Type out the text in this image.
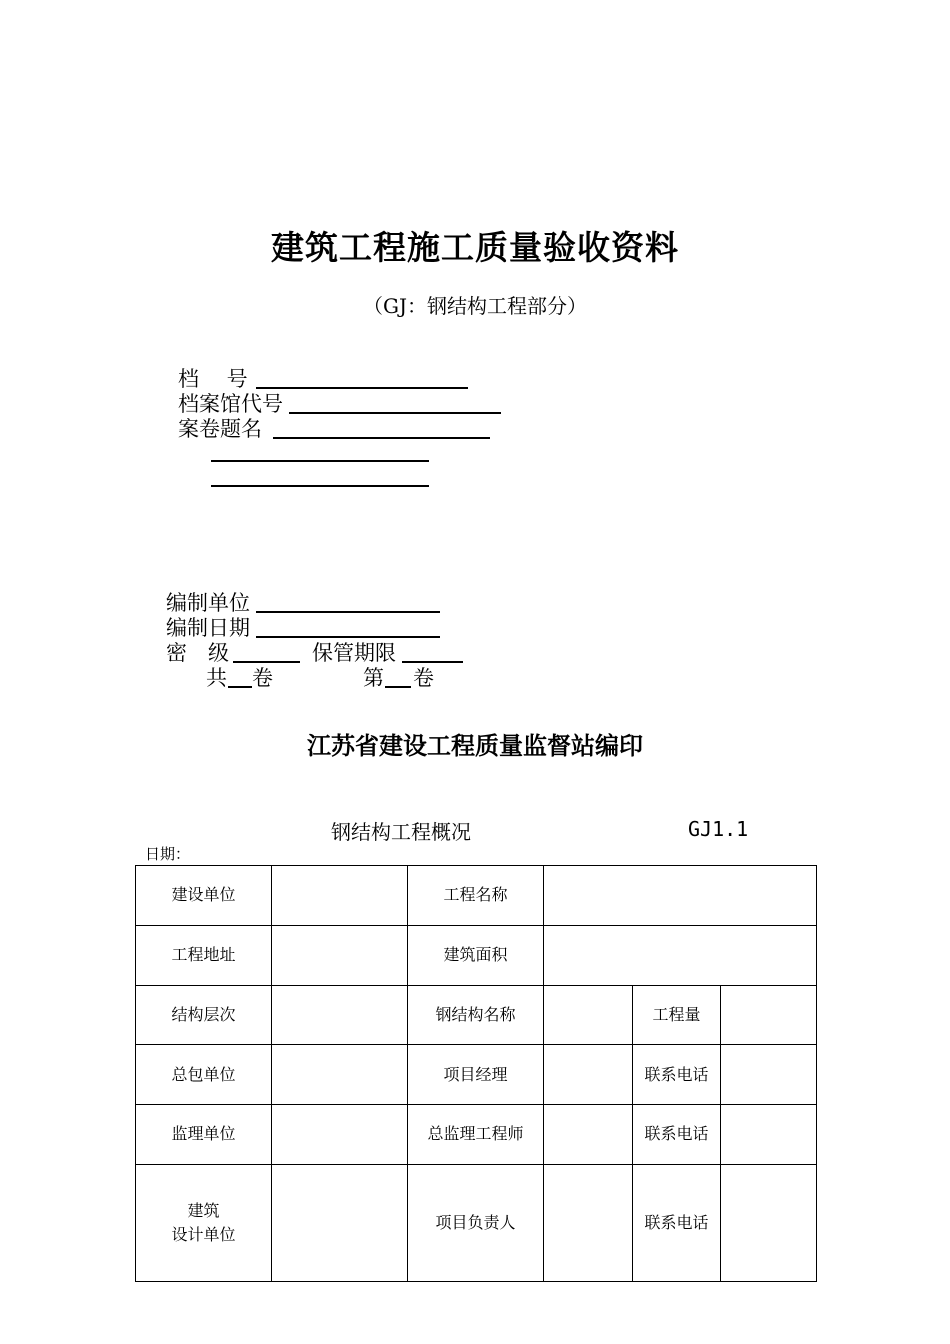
建筑工程施工质量验收资料
（GJ：钢结构工程部分）
档　 号
档案馆代号
案卷题名
编制单位
编制日期
密　级	保管期限
共 卷	第 卷
江苏省建设工程质量监督站编印
钢结构工程概况	GJ1.1
日期：
建设单位		工程名称			
工程地址		建筑面积			
结构层次		钢结构名称		工程量	
总包单位		项目经理		联系电话	
监理单位		总监理工程师		联系电话	

建筑
设计单位		项目负责人		联系电话	
